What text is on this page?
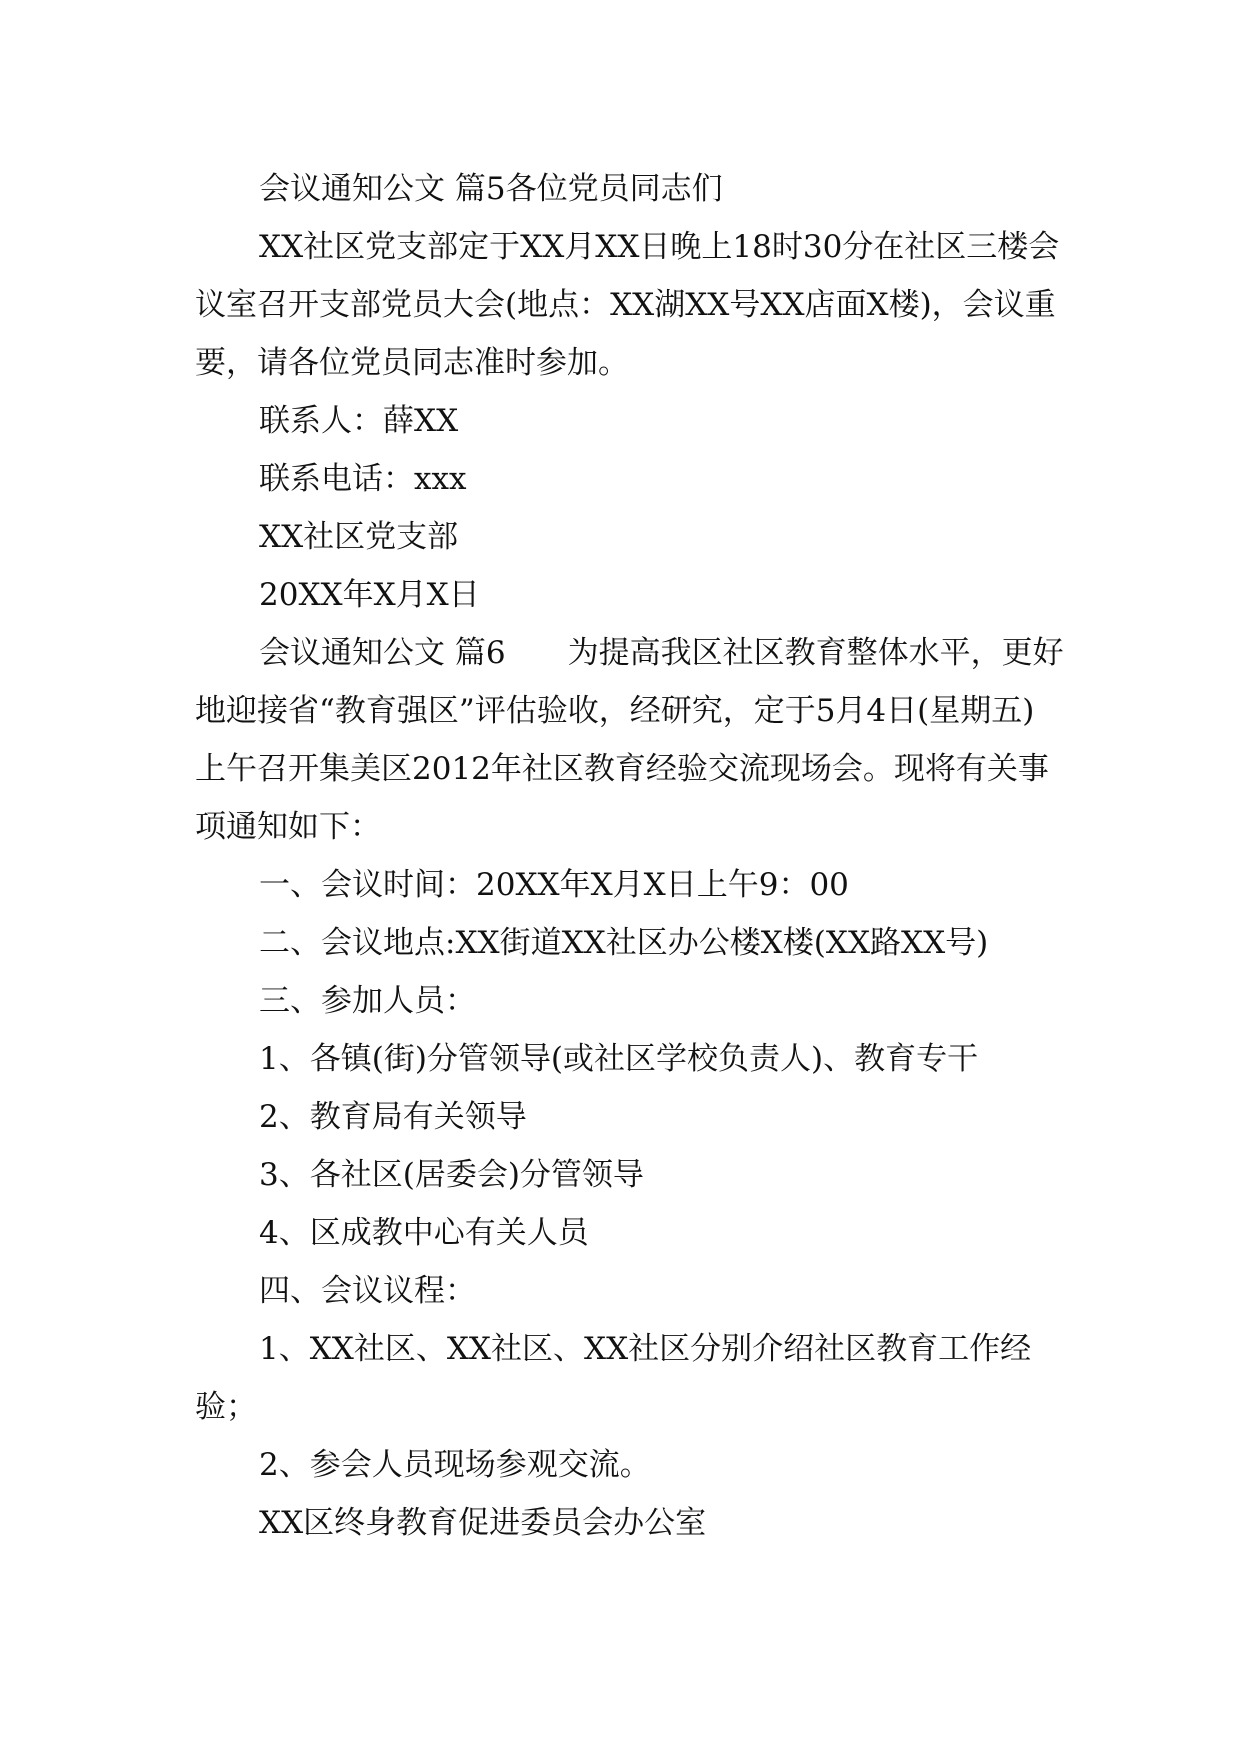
会议通知公文 篇5各位党员同志们

XX社区党支部定于XX月XX日晚上18时30分在社区三楼会议室召开支部党员大会(地点：XX湖XX号XX店面X楼)，会议重要，请各位党员同志准时参加。

联系人：薛XX

联系电话：xxx

XX社区党支部

20XX年X月X日

会议通知公文 篇6　　为提高我区社区教育整体水平，更好地迎接省“教育强区”评估验收，经研究，定于5月4日(星期五)上午召开集美区2012年社区教育经验交流现场会。现将有关事项通知如下：

一、会议时间：20XX年X月X日上午9：00

二、会议地点:XX街道XX社区办公楼X楼(XX路XX号)

三、参加人员：

1、各镇(街)分管领导(或社区学校负责人)、教育专干

2、教育局有关领导

3、各社区(居委会)分管领导

4、区成教中心有关人员

四、会议议程：

1、XX社区、XX社区、XX社区分别介绍社区教育工作经验；

2、参会人员现场参观交流。

XX区终身教育促进委员会办公室
